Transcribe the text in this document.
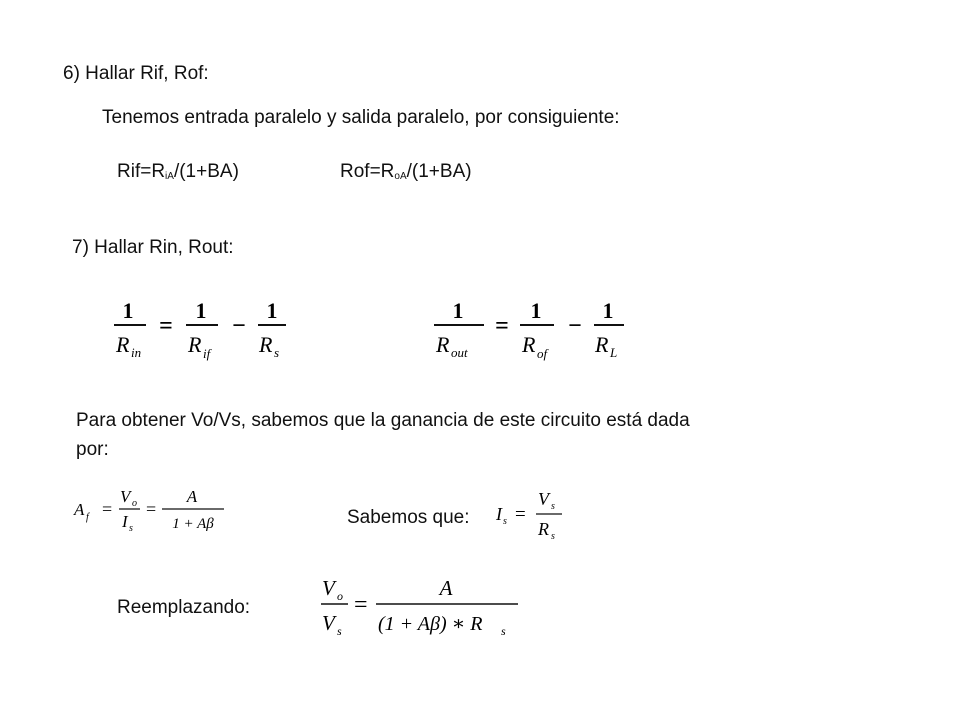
6) Hallar Rif, Rof:
Tenemos entrada paralelo y salida paralelo, por consiguiente:
$Rif=R_{iA}/(1+BA)$	$Rof=R_{oA}/(1+BA)$
7) Hallar Rin, Rout:
1
R in
=
1
R if
−
1
R s
1
R out
=
1
R of
−
1
R L
Para obtener Vo/Vs, sabemos que la ganancia de este circuito está dada
por:
A f =
V o
I s
=
A
1 + Aβ	Sabemos que: I s =
V s
R s
Reemplazando:
V o
V s
=
A
(1 + Aβ) ∗ R s
